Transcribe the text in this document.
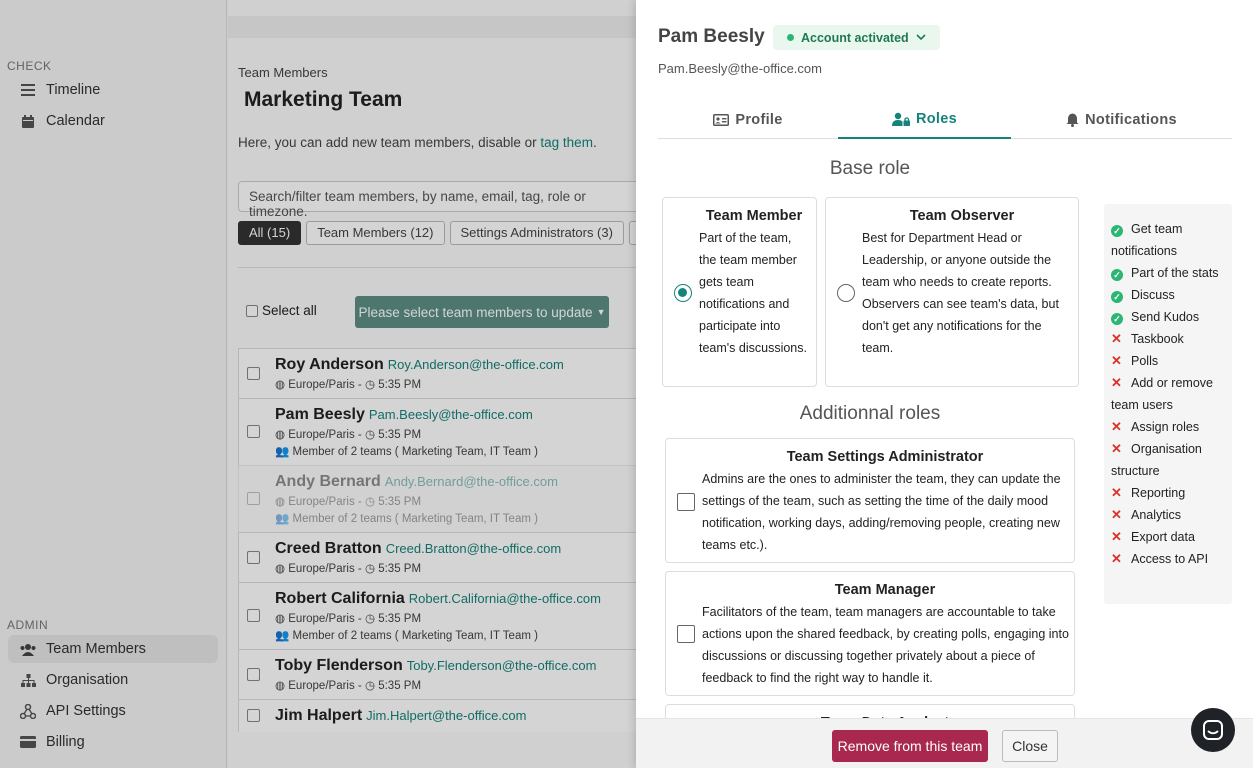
CHECK
Timeline
Calendar
ADMIN
Team Members
Organisation
API Settings
Billing
Team Members
Marketing Team
Here, you can add new team members, disable or tag them.
Search/filter team members, by name, email, tag, role or timezone.
All (15)	Team Members (12)	Settings Administrators (3)
Select all	Please select team members to update ▼
Roy Anderson Roy.Anderson@the-office.com
◍ Europe/Paris - ◷ 5:35 PM
Pam Beesly Pam.Beesly@the-office.com
◍ Europe/Paris - ◷ 5:35 PM
👥 Member of 2 teams ( Marketing Team, IT Team )
Andy Bernard Andy.Bernard@the-office.com
◍ Europe/Paris - ◷ 5:35 PM
👥 Member of 2 teams ( Marketing Team, IT Team )
Creed Bratton Creed.Bratton@the-office.com
◍ Europe/Paris - ◷ 5:35 PM
Robert California Robert.California@the-office.com
◍ Europe/Paris - ◷ 5:35 PM
👥 Member of 2 teams ( Marketing Team, IT Team )
Toby Flenderson Toby.Flenderson@the-office.com
◍ Europe/Paris - ◷ 5:35 PM
Jim Halpert Jim.Halpert@the-office.com
Pam Beesly	Account activated
Pam.Beesly@the-office.com
Profile	Roles	Notifications
Base role
Team Member
Part of the team, the team member gets team notifications and participate into team's discussions.
Team Observer
Best for Department Head or Leadership, or anyone outside the team who needs to create reports. Observers can see team's data, but don't get any notifications for the team.
✓ Get team notifications
✓ Part of the stats
✓ Discuss
✓ Send Kudos
✕ Taskbook
✕ Polls
✕ Add or remove team users
✕ Assign roles
✕ Organisation structure
✕ Reporting
✕ Analytics
✕ Export data
✕ Access to API
Additionnal roles
Team Settings Administrator
Admins are the ones to administer the team, they can update the settings of the team, such as setting the time of the daily mood notification, working days, adding/removing people, creating new teams etc.).
Team Manager
Facilitators of the team, team managers are accountable to take actions upon the shared feedback, by creating polls, engaging into discussions or discussing together privately about a piece of feedback to find the right way to handle it.
Remove from this team	Close
